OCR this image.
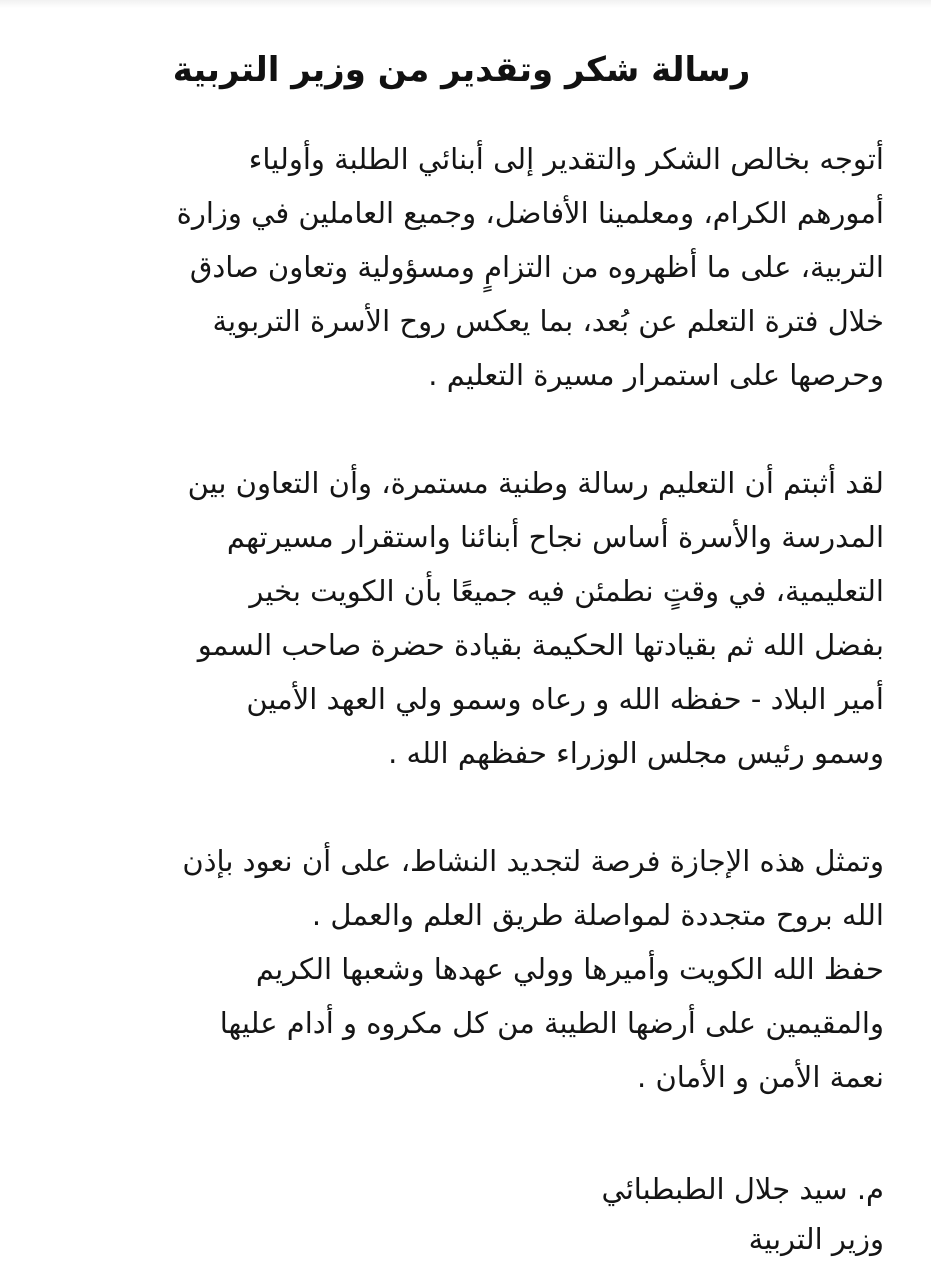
رسالة شكر وتقدير من وزير التربية

أتوجه بخالص الشكر والتقدير إلى أبنائي الطلبة وأولياء
أمورهم الكرام، ومعلمينا الأفاضل، وجميع العاملين في وزارة
التربية، على ما أظهروه من التزامٍ ومسؤولية وتعاون صادق
خلال فترة التعلم عن بُعد، بما يعكس روح الأسرة التربوية
وحرصها على استمرار مسيرة التعليم .

لقد أثبتم أن التعليم رسالة وطنية مستمرة، وأن التعاون بين
المدرسة والأسرة أساس نجاح أبنائنا واستقرار مسيرتهم
التعليمية، في وقتٍ نطمئن فيه جميعًا بأن الكويت بخير
بفضل الله ثم بقيادتها الحكيمة بقيادة حضرة صاحب السمو
أمير البلاد - حفظه الله و رعاه وسمو ولي العهد الأمين
وسمو رئيس مجلس الوزراء حفظهم الله .

وتمثل هذه الإجازة فرصة لتجديد النشاط، على أن نعود بإذن
الله بروح متجددة لمواصلة طريق العلم والعمل .
حفظ الله الكويت وأميرها وولي عهدها وشعبها الكريم
والمقيمين على أرضها الطيبة من كل مكروه و أدام عليها
نعمة الأمن و الأمان .

م. سيد جلال الطبطبائي
وزير التربية
